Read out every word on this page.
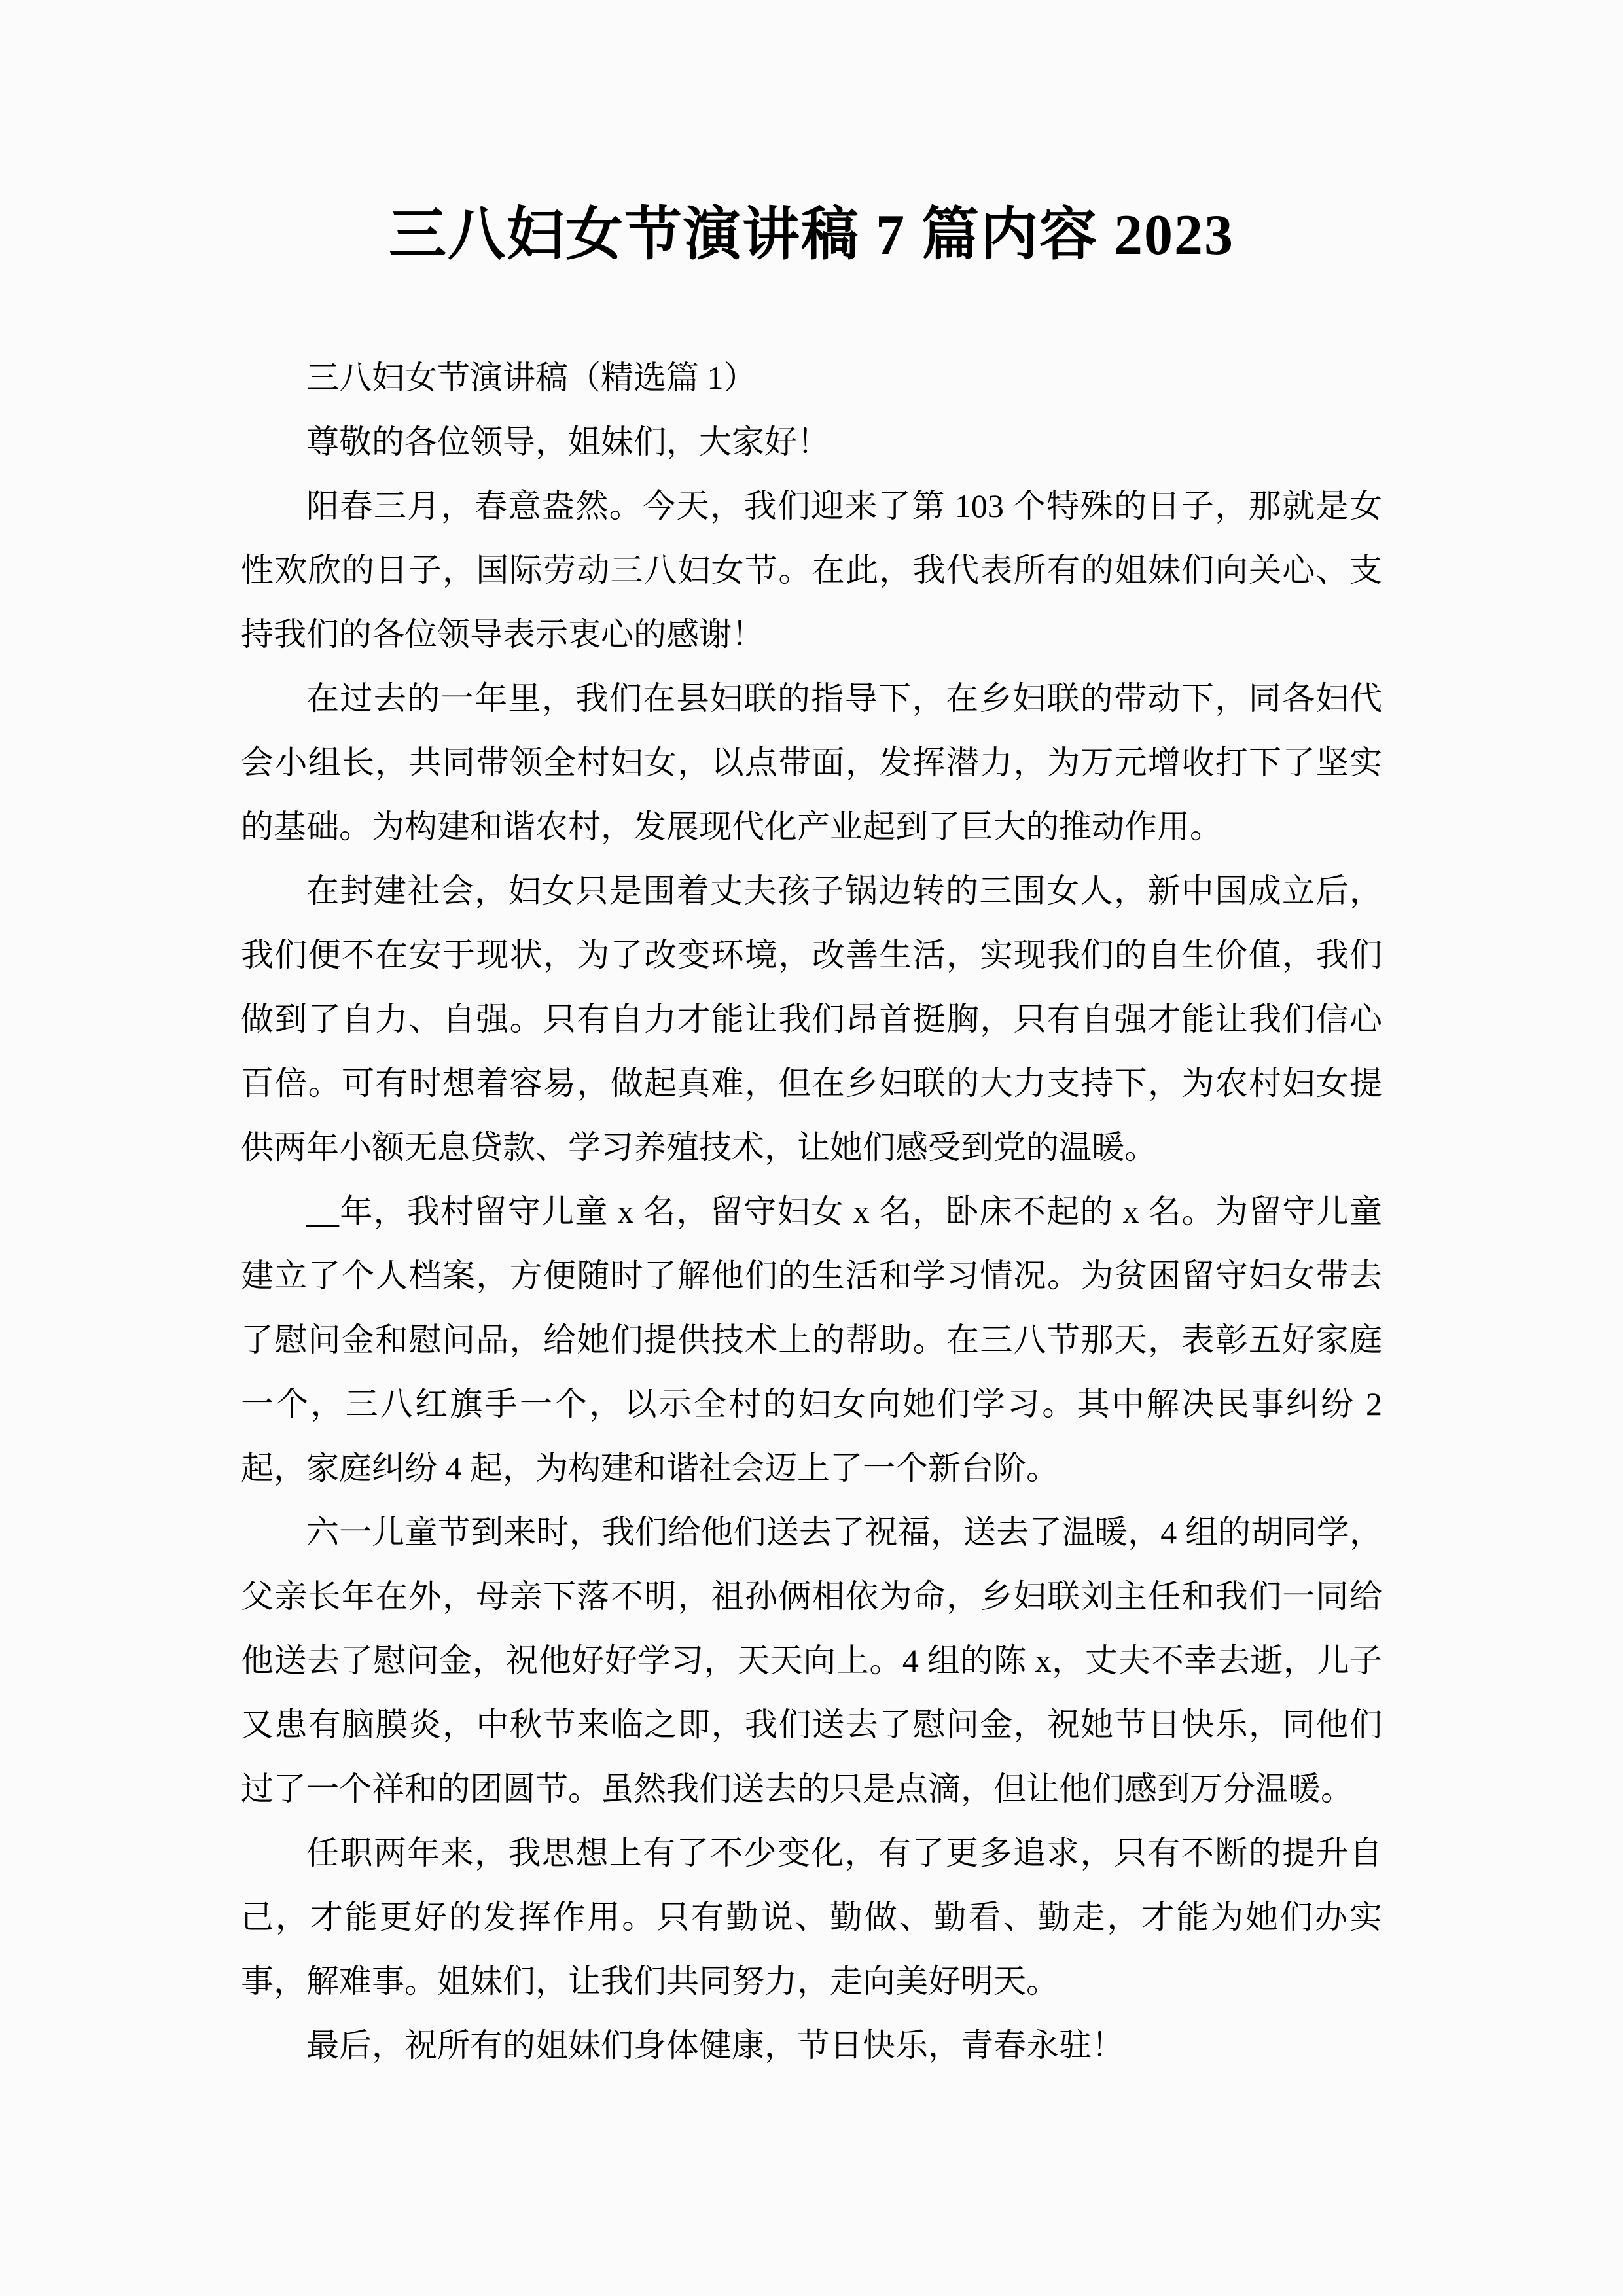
三八妇女节演讲稿 7 篇内容 2023

三八妇女节演讲稿（精选篇 1）

尊敬的各位领导，姐妹们，大家好！

阳春三月，春意盎然。今天，我们迎来了第 103 个特殊的日子，那就是女性欢欣的日子，国际劳动三八妇女节。在此，我代表所有的姐妹们向关心、支持我们的各位领导表示衷心的感谢！

在过去的一年里，我们在县妇联的指导下，在乡妇联的带动下，同各妇代会小组长，共同带领全村妇女，以点带面，发挥潜力，为万元增收打下了坚实的基础。为构建和谐农村，发展现代化产业起到了巨大的推动作用。

在封建社会，妇女只是围着丈夫孩子锅边转的三围女人，新中国成立后，我们便不在安于现状，为了改变环境，改善生活，实现我们的自生价值，我们做到了自力、自强。只有自力才能让我们昂首挺胸，只有自强才能让我们信心百倍。可有时想着容易，做起真难，但在乡妇联的大力支持下，为农村妇女提供两年小额无息贷款、学习养殖技术，让她们感受到党的温暖。

__年，我村留守儿童 x 名，留守妇女 x 名，卧床不起的 x 名。为留守儿童建立了个人档案，方便随时了解他们的生活和学习情况。为贫困留守妇女带去了慰问金和慰问品，给她们提供技术上的帮助。在三八节那天，表彰五好家庭一个，三八红旗手一个，以示全村的妇女向她们学习。其中解决民事纠纷 2 起，家庭纠纷 4 起，为构建和谐社会迈上了一个新台阶。

六一儿童节到来时，我们给他们送去了祝福，送去了温暖，4 组的胡同学，父亲长年在外，母亲下落不明，祖孙俩相依为命，乡妇联刘主任和我们一同给他送去了慰问金，祝他好好学习，天天向上。4 组的陈 x，丈夫不幸去逝，儿子又患有脑膜炎，中秋节来临之即，我们送去了慰问金，祝她节日快乐，同他们过了一个祥和的团圆节。虽然我们送去的只是点滴，但让他们感到万分温暖。

任职两年来，我思想上有了不少变化，有了更多追求，只有不断的提升自己，才能更好的发挥作用。只有勤说、勤做、勤看、勤走，才能为她们办实事，解难事。姐妹们，让我们共同努力，走向美好明天。

最后，祝所有的姐妹们身体健康，节日快乐，青春永驻！
